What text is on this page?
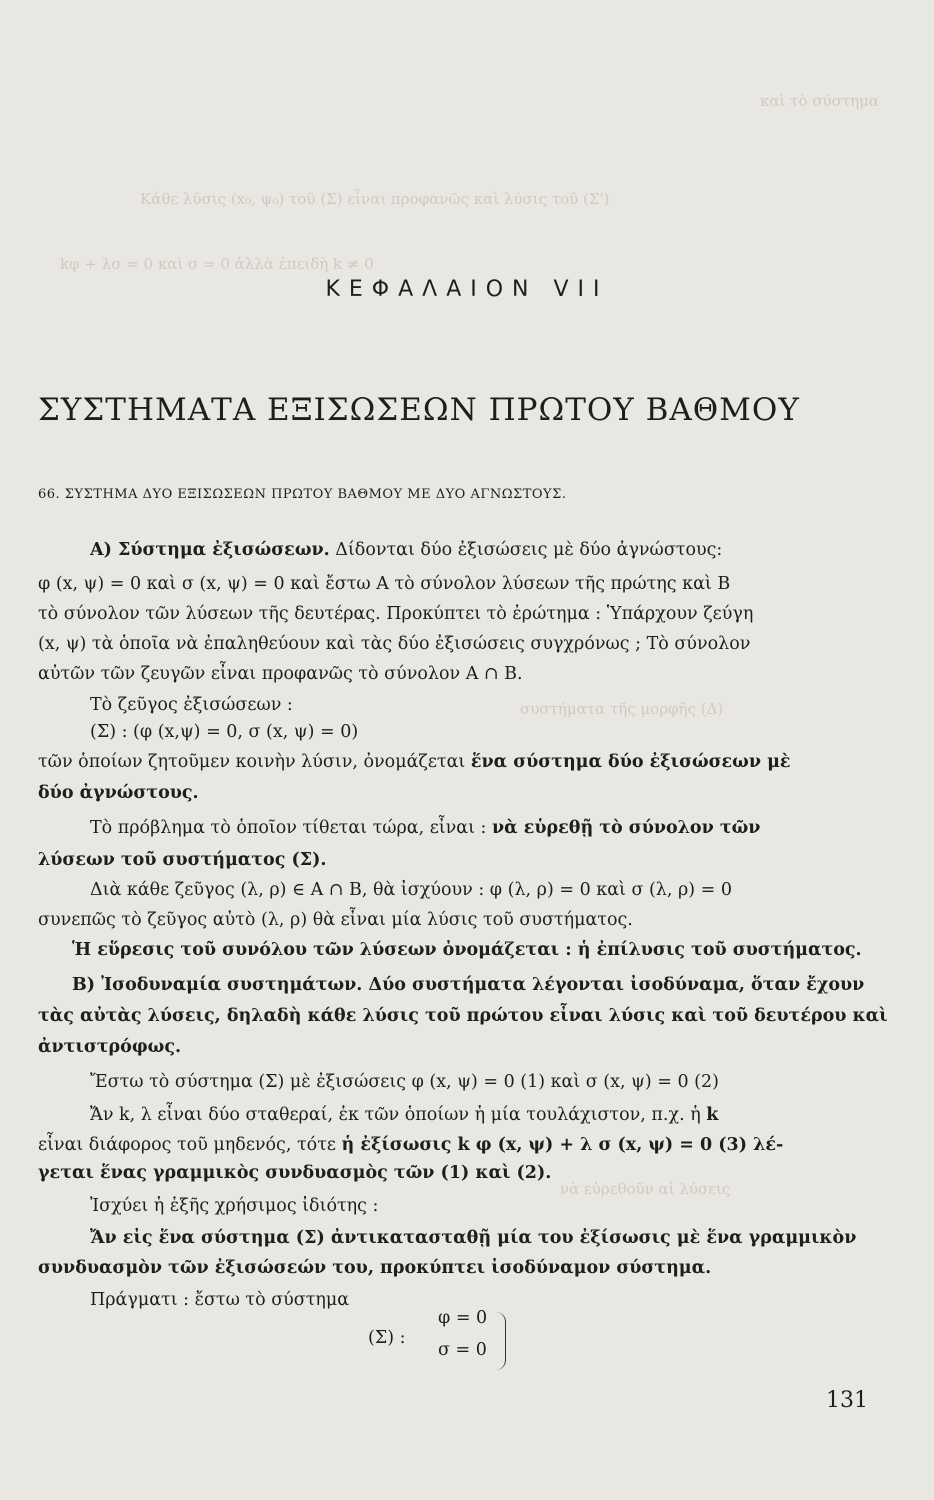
καὶ τὸ σύστημα
Κάθε λύσις (x₀, ψ₀) τοῦ (Σ) εἶναι προφανῶς καὶ λύσις τοῦ (Σ')
kφ + λσ = 0 καὶ σ = 0 ἀλλὰ ἐπειδὴ k ≠ 0
συστήματα τῆς μορφῆς (Δ)
νὰ εὑρεθοῦν αἱ λύσεις
ΚΕΦΑΛΑΙΟΝ VII
ΣΥΣΤΗΜΑΤΑ ΕΞΙΣΩΣΕΩΝ ΠΡΩΤΟΥ ΒΑΘΜΟΥ
66. ΣΥΣΤΗΜΑ ΔΥΟ ΕΞΙΣΩΣΕΩΝ ΠΡΩΤΟΥ ΒΑΘΜΟΥ ΜΕ ΔΥΟ ΑΓΝΩΣΤΟΥΣ.
Α) Σύστημα ἐξισώσεων. Δίδονται δύο ἐξισώσεις μὲ δύο ἀγνώστους:
φ (x, ψ) = 0 καὶ σ (x, ψ) = 0 καὶ ἔστω Α τὸ σύνολον λύσεων τῆς πρώτης καὶ Β
τὸ σύνολον τῶν λύσεων τῆς δευτέρας. Προκύπτει τὸ ἐρώτημα : Ὑπάρχουν ζεύγη
(x, ψ) τὰ ὁποῖα νὰ ἐπαληθεύουν καὶ τὰς δύο ἐξισώσεις συγχρόνως ; Τὸ σύνολον
αὐτῶν τῶν ζευγῶν εἶναι προφανῶς τὸ σύνολον Α ∩ Β.
Τὸ ζεῦγος ἐξισώσεων :
(Σ) : (φ (x,ψ) = 0, σ (x, ψ) = 0)
τῶν ὁποίων ζητοῦμεν κοινὴν λύσιν, ὀνομάζεται ἕνα σύστημα δύο ἐξισώσεων μὲ
δύο ἀγνώστους.
Τὸ πρόβλημα τὸ ὁποῖον τίθεται τώρα, εἶναι : νὰ εὑρεθῇ τὸ σύνολον τῶν
λύσεων τοῦ συστήματος (Σ).
Διὰ κάθε ζεῦγος (λ, ρ) ∈ Α ∩ Β, θὰ ἰσχύουν : φ (λ, ρ) = 0 καὶ σ (λ, ρ) = 0
συνεπῶς τὸ ζεῦγος αὐτὸ (λ, ρ) θὰ εἶναι μία λύσις τοῦ συστήματος.
Ἡ εὕρεσις τοῦ συνόλου τῶν λύσεων ὀνομάζεται : ἡ ἐπίλυσις τοῦ συστήματος.
Β) Ἰσοδυναμία συστημάτων. Δύο συστήματα λέγονται ἰσοδύναμα, ὅταν ἔχουν
τὰς αὐτὰς λύσεις, δηλαδὴ κάθε λύσις τοῦ πρώτου εἶναι λύσις καὶ τοῦ δευτέρου καὶ
ἀντιστρόφως.
Ἔστω τὸ σύστημα (Σ) μὲ ἐξισώσεις φ (x, ψ) = 0 (1) καὶ σ (x, ψ) = 0 (2)
Ἄν k, λ εἶναι δύο σταθεραί, ἐκ τῶν ὁποίων ἡ μία τουλάχιστον, π.χ. ἡ k
εἶναι διάφορος τοῦ μηδενός, τότε ἡ ἐξίσωσις k φ (x, ψ) + λ σ (x, ψ) = 0 (3) λέ-
γεται ἕνας γραμμικὸς συνδυασμὸς τῶν (1) καὶ (2).
Ἰσχύει ἡ ἑξῆς χρήσιμος ἰδιότης :
Ἄν εἰς ἕνα σύστημα (Σ) ἀντικατασταθῇ μία του ἐξίσωσις μὲ ἕνα γραμμικὸν
συνδυασμὸν τῶν ἐξισώσεών του, προκύπτει ἰσοδύναμον σύστημα.
Πράγματι : ἔστω τὸ σύστημα
(Σ) :
φ = 0
σ = 0
131
